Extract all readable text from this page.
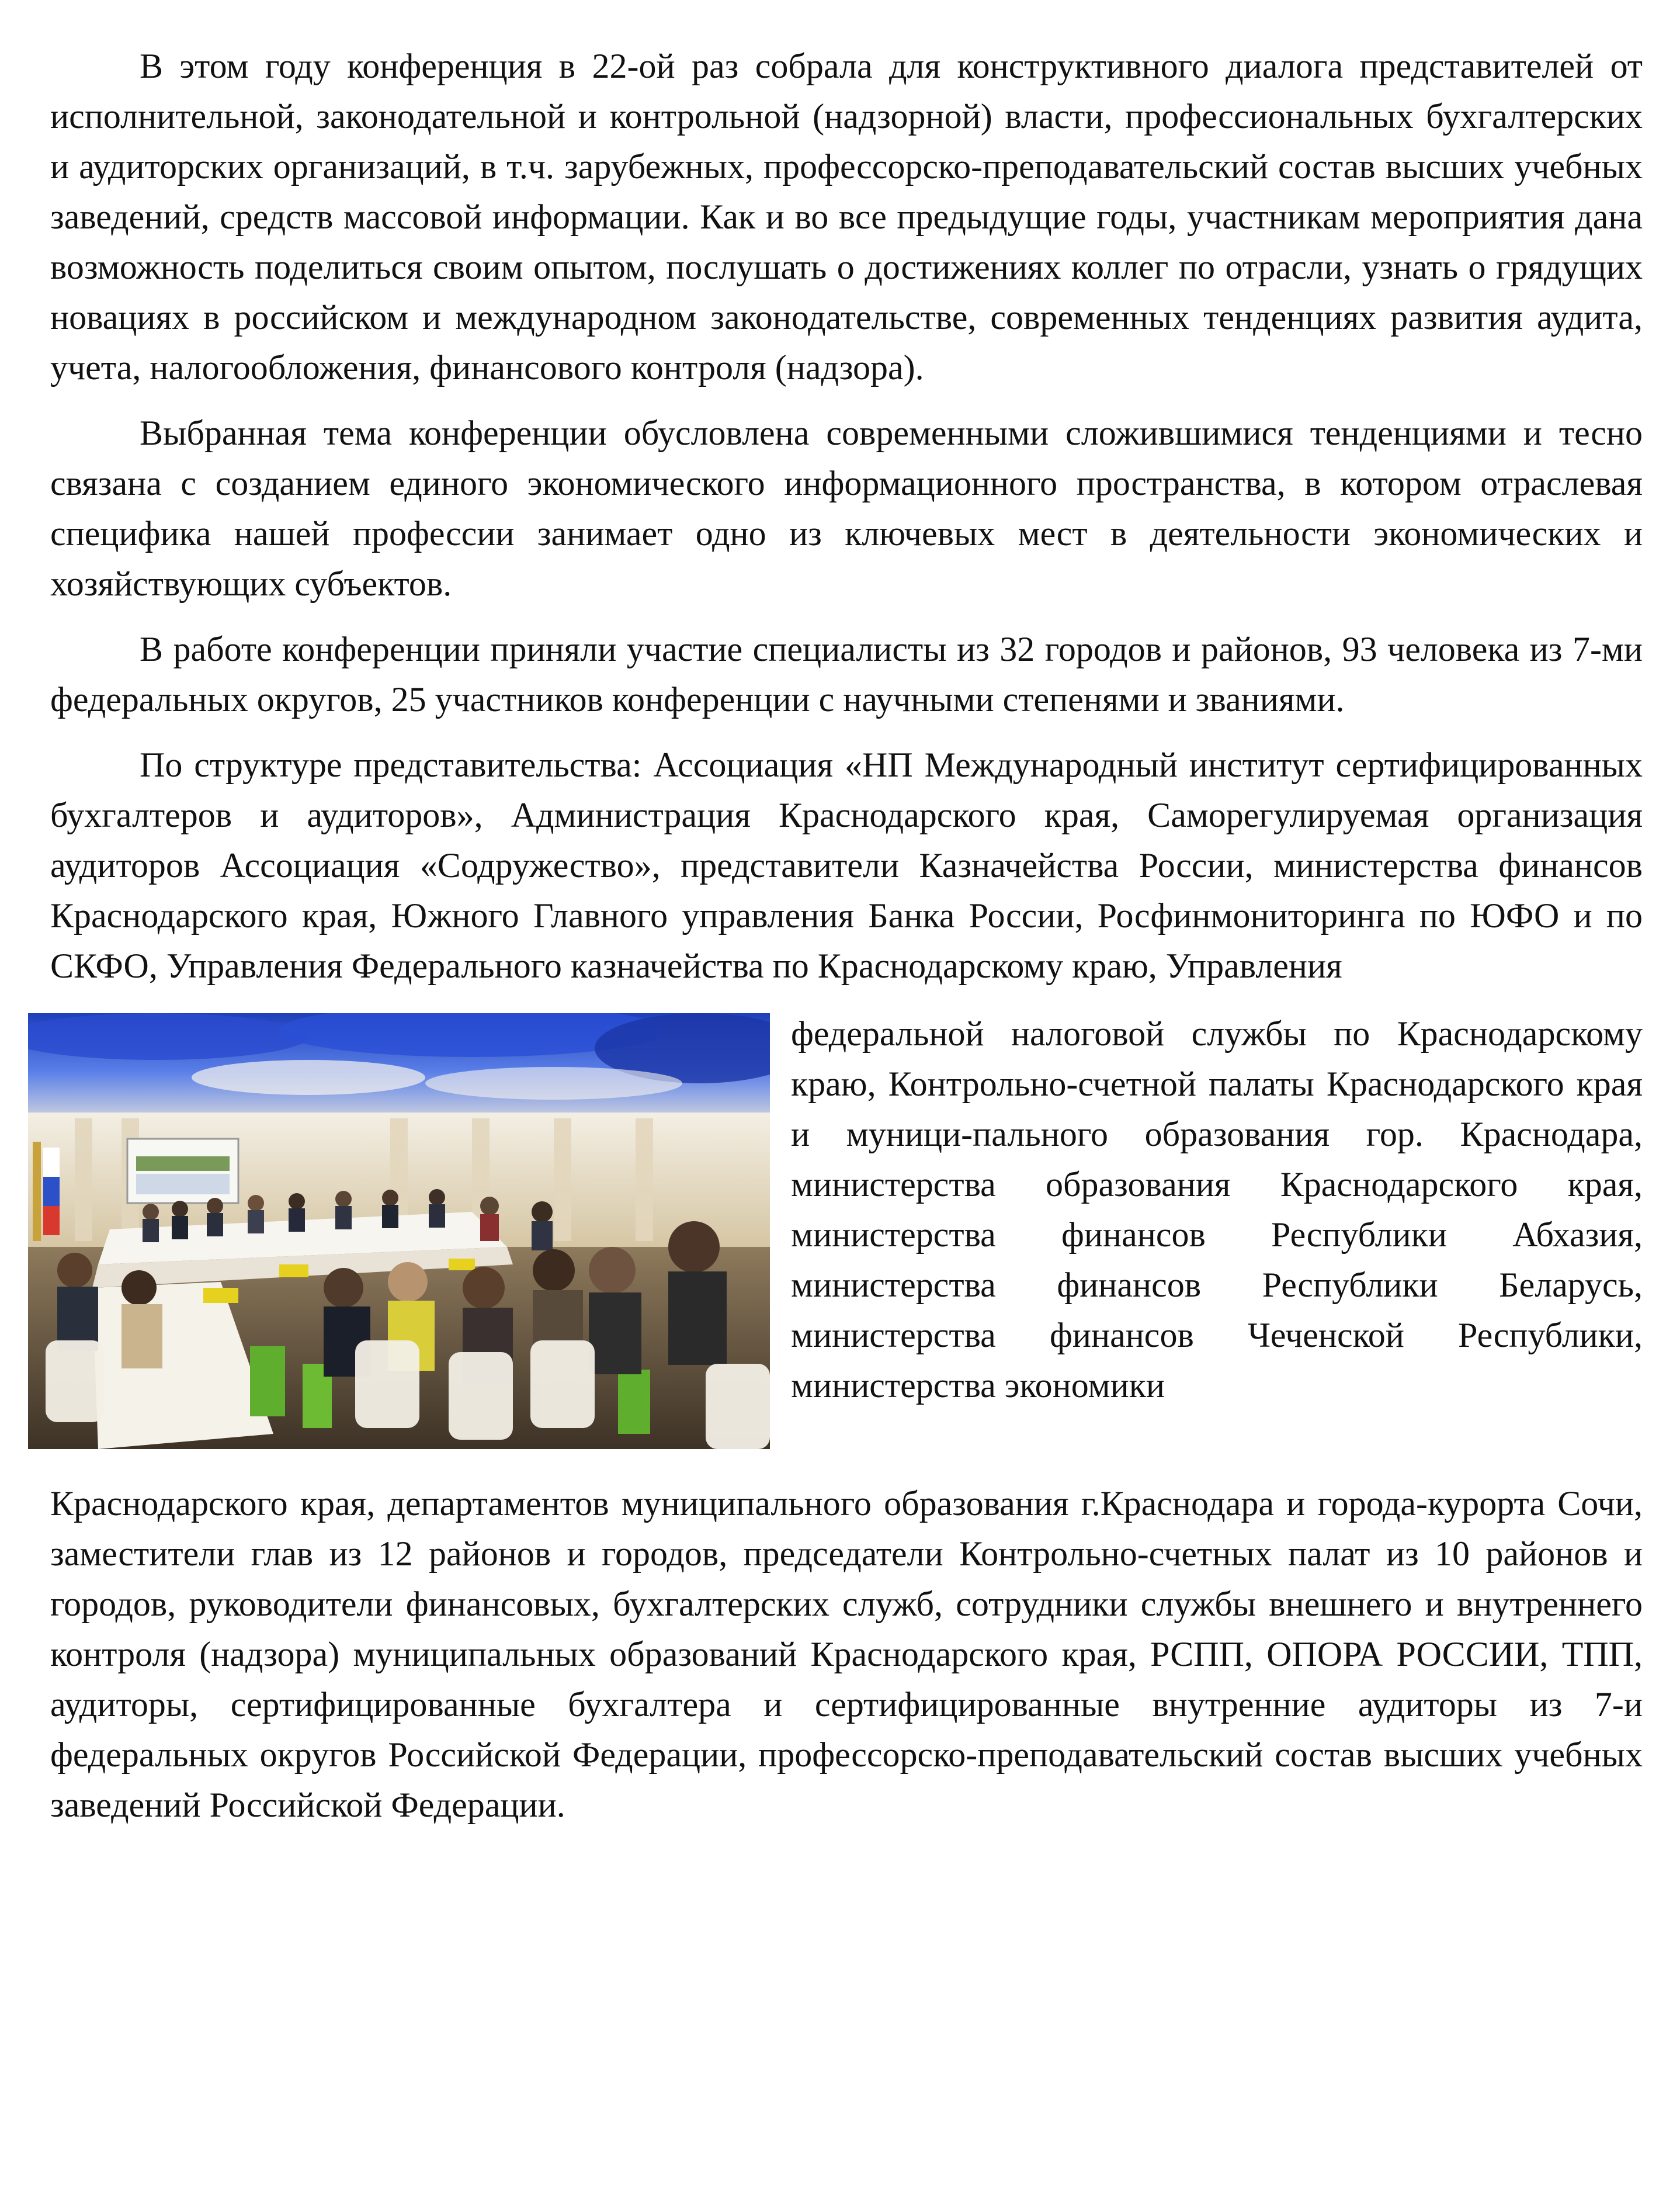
В этом году конференция в 22-ой раз собрала для конструктивного диалога представителей от исполнительной, законодательной и контрольной (надзорной) власти, профессиональных бухгалтерских и аудиторских организаций, в т.ч. зарубежных, профессорско-преподавательский состав высших учебных заведений, средств массовой информации. Как и во все предыдущие годы, участникам мероприятия дана возможность поделиться своим опытом, послушать о достижениях коллег по отрасли, узнать о грядущих новациях в российском и международном законодательстве, современных тенденциях развития аудита, учета, налогообложения, финансового контроля (надзора).

Выбранная тема конференции обусловлена современными сложившимися тенденциями и тесно связана с созданием единого экономического информационного пространства, в котором отраслевая специфика нашей профессии занимает одно из ключевых мест в деятельности экономических и хозяйствующих субъектов.

В работе конференции приняли участие специалисты из 32 городов и районов, 93 человека из 7-ми федеральных округов, 25 участников конференции с научными степенями и званиями.

По структуре представительства: Ассоциация «НП Международный институт сертифицированных бухгалтеров и аудиторов», Администрация Краснодарского края, Саморегулируемая организация аудиторов Ассоциация «Содружество», представители Казначейства России, министерства финансов Краснодарского края, Южного Главного управления Банка России, Росфинмониторинга по ЮФО и по СКФО, Управления Федерального казначейства по Краснодарскому краю, Управления

федеральной налоговой службы по Краснодарскому краю, Контрольно-счетной палаты Краснодарского края и муници-пального образования гор. Краснодара, министерства образования Краснодарского края, министерства финансов Республики Абхазия, министерства финансов Республики Беларусь, министерства финансов Чеченской Республики, министерства экономики

Краснодарского края, департаментов муниципального образования г.Краснодара и города-курорта Сочи, заместители глав из 12 районов и городов, председатели Контрольно-счетных палат из 10 районов и городов, руководители финансовых, бухгалтерских служб, сотрудники службы внешнего и внутреннего контроля (надзора) муниципальных образований Краснодарского края, РСПП, ОПОРА РОССИИ, ТПП, аудиторы, сертифицированные бухгалтера и сертифицированные внутренние аудиторы из 7-и федеральных округов Российской Федерации, профессорско-преподавательский состав высших учебных заведений Российской Федерации.
